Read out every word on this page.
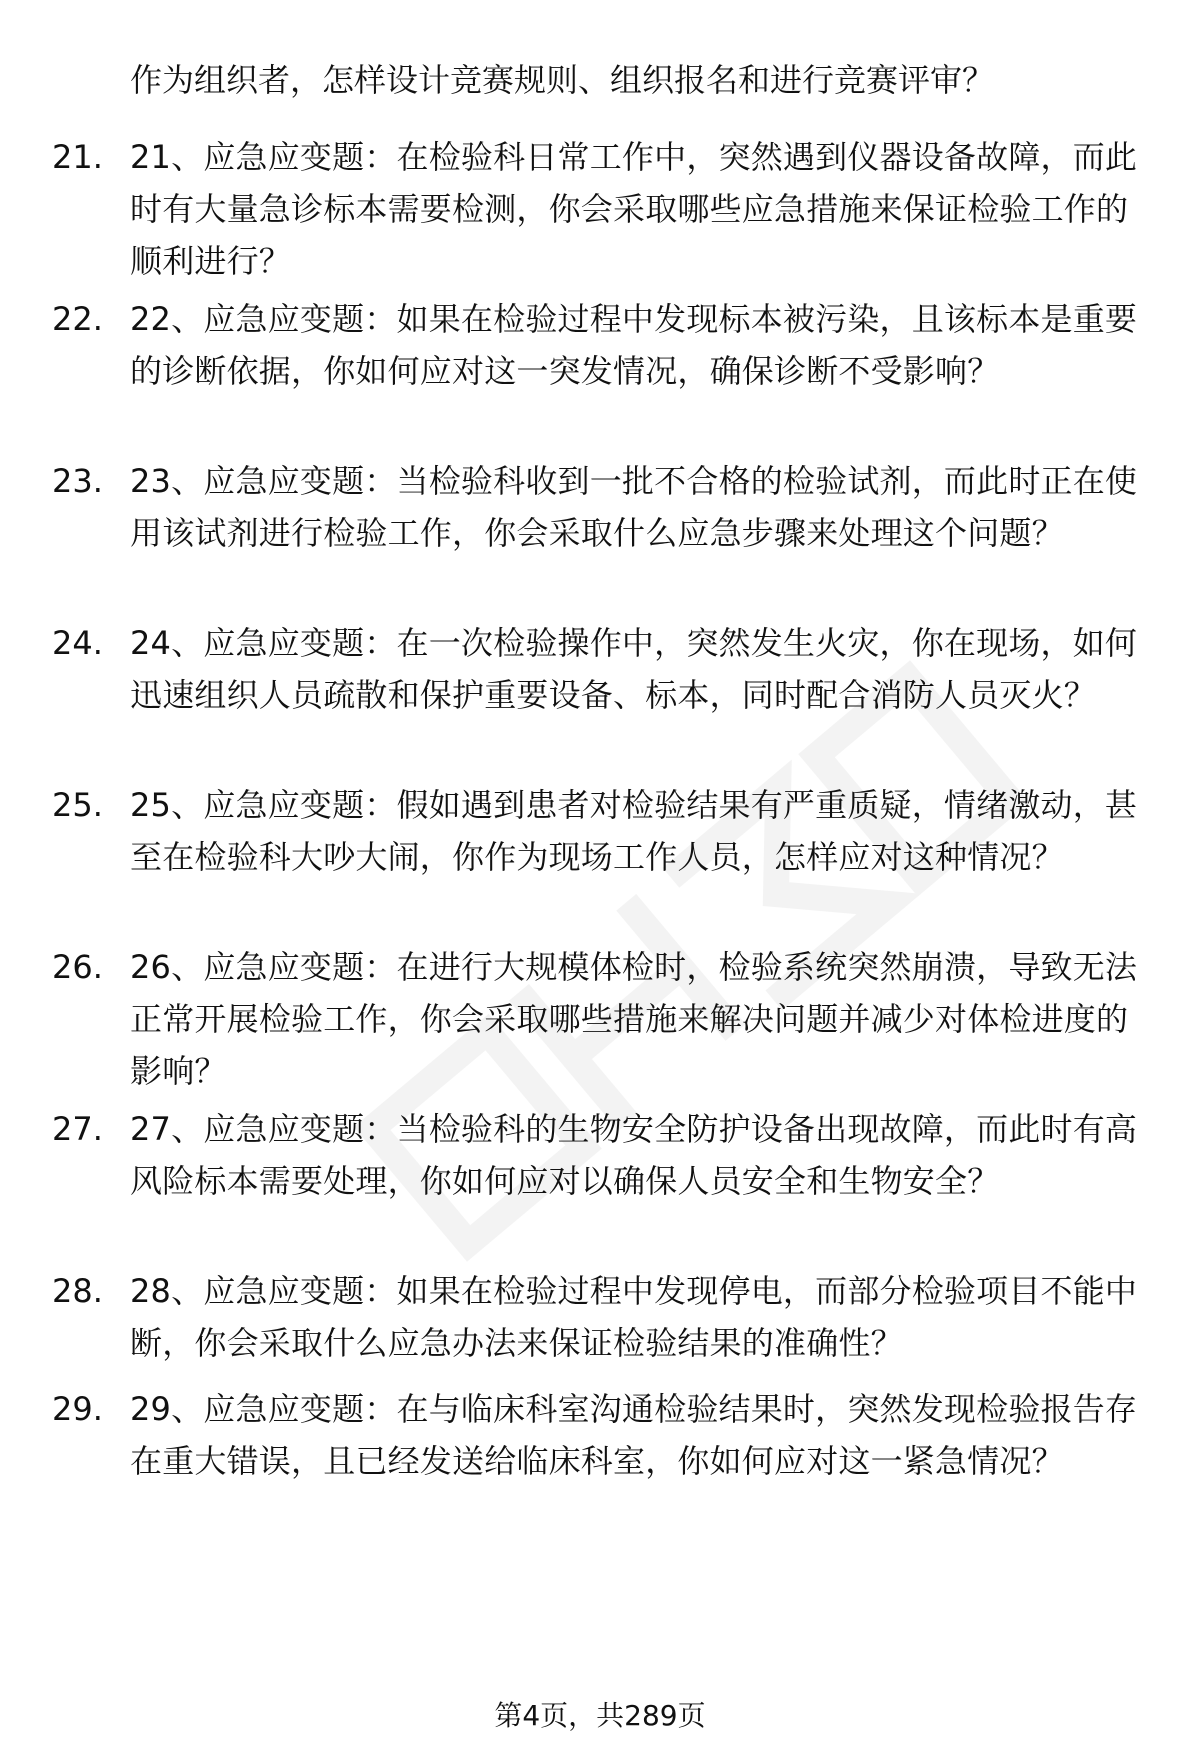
作为组织者，怎样设计竞赛规则、组织报名和进行竞赛评审？
21. 21、应急应变题：在检验科日常工作中，突然遇到仪器设备故障，而此时有大量急诊标本需要检测，你会采取哪些应急措施来保证检验工作的顺利进行？
22. 22、应急应变题：如果在检验过程中发现标本被污染，且该标本是重要的诊断依据，你如何应对这一突发情况，确保诊断不受影响？
23. 23、应急应变题：当检验科收到一批不合格的检验试剂，而此时正在使用该试剂进行检验工作，你会采取什么应急步骤来处理这个问题？
24. 24、应急应变题：在一次检验操作中，突然发生火灾，你在现场，如何迅速组织人员疏散和保护重要设备、标本，同时配合消防人员灭火？
25. 25、应急应变题：假如遇到患者对检验结果有严重质疑，情绪激动，甚至在检验科大吵大闹，你作为现场工作人员，怎样应对这种情况？
26. 26、应急应变题：在进行大规模体检时，检验系统突然崩溃，导致无法正常开展检验工作，你会采取哪些措施来解决问题并减少对体检进度的影响？
27. 27、应急应变题：当检验科的生物安全防护设备出现故障，而此时有高风险标本需要处理，你如何应对以确保人员安全和生物安全？
28. 28、应急应变题：如果在检验过程中发现停电，而部分检验项目不能中断，你会采取什么应急办法来保证检验结果的准确性？
29. 29、应急应变题：在与临床科室沟通检验结果时，突然发现检验报告存在重大错误，且已经发送给临床科室，你如何应对这一紧急情况？
第4页，共289页
